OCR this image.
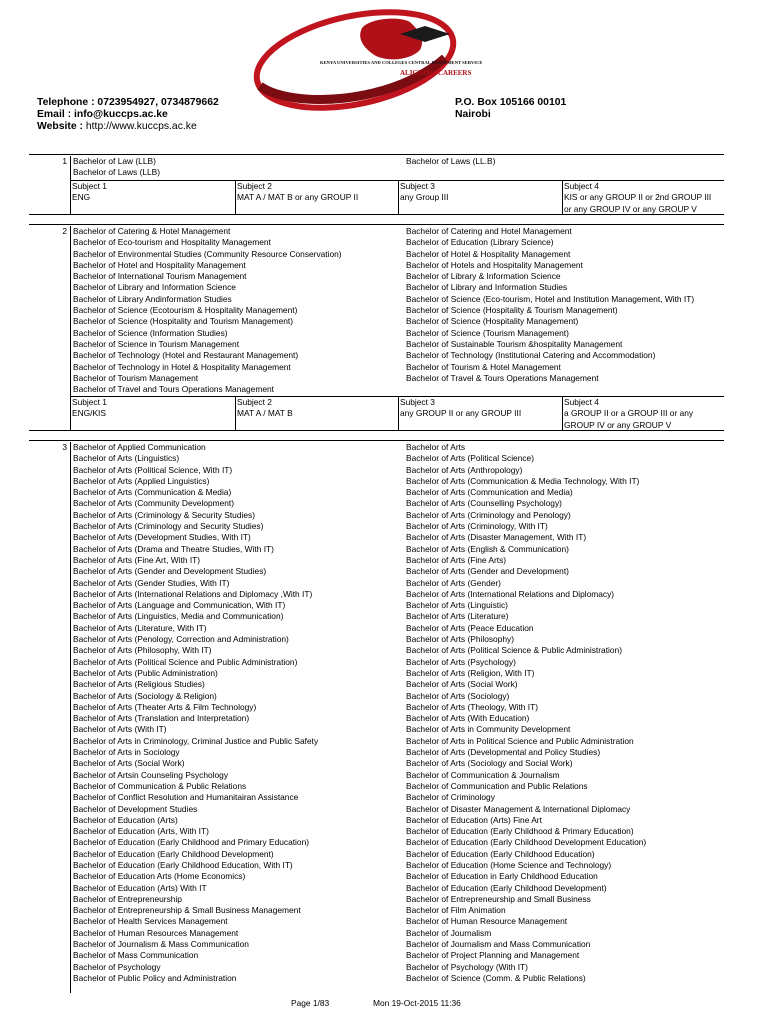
KENYA UNIVERSITIES AND COLLEGES CENTRAL PLACEMENT SERVICE
ALIGNING CAREERS
Telephone : 0723954927, 0734879662
Email : info@kuccps.ac.ke
Website : http://www.kuccps.ac.ke
P.O. Box 105166 00101
Nairobi
1 Bachelor of Law (LLB)
Bachelor of Laws (LLB)
Bachelor of Laws (LL.B)
Subject 1
ENG
Subject 2
MAT A / MAT B or any GROUP II
Subject 3
any Group III
Subject 4
KIS or any GROUP II or 2nd GROUP III
or any GROUP IV or any GROUP V
2 Bachelor of Catering & Hotel Management
Bachelor of Eco-tourism and Hospitality Management
Bachelor of Environmental Studies (Community Resource Conservation)
Bachelor of Hotel and Hospitality Management
Bachelor of International Tourism Management
Bachelor of Library and Information Science
Bachelor of Library Andinformation Studies
Bachelor of Science (Ecotourism & Hospitality Management)
Bachelor of Science (Hospitality and Tourism Management)
Bachelor of Science (Information Studies)
Bachelor of Science in Tourism Management
Bachelor of Technology (Hotel and Restaurant Management)
Bachelor of Technology in Hotel & Hospitality Management
Bachelor of Tourism Management
Bachelor of Travel and Tours Operations Management
Bachelor of Catering and Hotel Management
Bachelor of Education (Library Science)
Bachelor of Hotel & Hospitality Management
Bachelor of Hotels and Hospitality Management
Bachelor of Library & Information Science
Bachelor of Library and Information Studies
Bachelor of Science (Eco-tourism, Hotel and Institution Management, With IT)
Bachelor of Science (Hospitality & Tourism Management)
Bachelor of Science (Hospitality Management)
Bachelor of Science (Tourism Management)
Bachelor of Sustainable Tourism &hospitality Management
Bachelor of Technology (Institutional Catering and Accommodation)
Bachelor of Tourism & Hotel Management
Bachelor of Travel & Tours Operations Management
Subject 1
ENG/KIS
Subject 2
MAT A / MAT B
Subject 3
any GROUP II or any GROUP III
Subject 4
a GROUP II or a GROUP III or any
GROUP IV or any GROUP V
3 Bachelor of Applied Communication
Bachelor of Arts (Linguistics)
Bachelor of Arts (Political Science, With IT)
Bachelor of Arts (Applied Linguistics)
Bachelor of Arts (Communication & Media)
Bachelor of Arts (Community Development)
Bachelor of Arts (Criminology & Security Studies)
Bachelor of Arts (Criminology and Security Studies)
Bachelor of Arts (Development Studies, With IT)
Bachelor of Arts (Drama and Theatre Studies, With IT)
Bachelor of Arts (Fine Art, With IT)
Bachelor of Arts (Gender and Development Studies)
Bachelor of Arts (Gender Studies, With IT)
Bachelor of Arts (International Relations and Diplomacy ,With IT)
Bachelor of Arts (Language and Communication, With IT)
Bachelor of Arts (Linguistics, Media and Communication)
Bachelor of Arts (Literature, With IT)
Bachelor of Arts (Penology, Correction and Administration)
Bachelor of Arts (Philosophy, With IT)
Bachelor of Arts (Political Science and Public Administration)
Bachelor of Arts (Public Administration)
Bachelor of Arts (Religious Studies)
Bachelor of Arts (Sociology & Religion)
Bachelor of Arts (Theater Arts & Film Technology)
Bachelor of Arts (Translation and Interpretation)
Bachelor of Arts (With IT)
Bachelor of Arts in Criminology, Criminal Justice and Public Safety
Bachelor of Arts in Sociology
Bachelor of Arts (Social Work)
Bachelor of Artsin Counseling Psychology
Bachelor of Communication & Public Relations
Bachelor of Conflict Resolution and Humanitairan Assistance
Bachelor of Development Studies
Bachelor of Education (Arts)
Bachelor of Education (Arts, With IT)
Bachelor of Education (Early Childhood and Primary Education)
Bachelor of Education (Early Childhood Development)
Bachelor of Education (Early Childhood Education, With IT)
Bachelor of Education Arts (Home Economics)
Bachelor of Education (Arts) With IT
Bachelor of Entrepreneurship
Bachelor of Entrepreneurship & Small Business Management
Bachelor of Health Services Management
Bachelor of Human Resources Management
Bachelor of Journalism & Mass Communication
Bachelor of Mass Communication
Bachelor of Psychology
Bachelor of Public Policy and Administration
Bachelor of Arts
Bachelor of Arts (Political Science)
Bachelor of Arts (Anthropology)
Bachelor of Arts (Communication & Media Technology, With IT)
Bachelor of Arts (Communication and Media)
Bachelor of Arts (Counselling Psychology)
Bachelor of Arts (Criminology and Penology)
Bachelor of Arts (Criminology, With IT)
Bachelor of Arts (Disaster Management, With IT)
Bachelor of Arts (English & Communication)
Bachelor of Arts (Fine Arts)
Bachelor of Arts (Gender and Development)
Bachelor of Arts (Gender)
Bachelor of Arts (International Relations and Diplomacy)
Bachelor of Arts (Linguistic)
Bachelor of Arts (Literature)
Bachelor of Arts (Peace Education
Bachelor of Arts (Philosophy)
Bachelor of Arts (Political Science & Public Administration)
Bachelor of Arts (Psychology)
Bachelor of Arts (Religion, With IT)
Bachelor of Arts (Social Work)
Bachelor of Arts (Sociology)
Bachelor of Arts (Theology, With IT)
Bachelor of Arts (With Education)
Bachelor of Arts in Community Development
Bachelor of Arts in Political Science and Public Administration
Bachelor of Arts (Developmental and Policy Studies)
Bachelor of Arts (Sociology and Social Work)
Bachelor of Communication & Journalism
Bachelor of Communication and Public Relations
Bachelor of Criminology
Bachelor of Disaster Management & International Diplomacy
Bachelor of Education (Arts) Fine Art
Bachelor of Education (Early Childhood & Primary Education)
Bachelor of Education (Early Childhood Development Education)
Bachelor of Education (Early Childhood Education)
Bachelor of Education (Home Science and Technology)
Bachelor of Education in Early Childhood Education
Bachelor of Education (Early Childhood Development)
Bachelor of Entrepreneurship and Small Business
Bachelor of Film Animation
Bachelor of Human Resource Management
Bachelor of Journalism
Bachelor of Journalism and Mass Communication
Bachelor of Project Planning and Management
Bachelor of Psychology (With IT)
Bachelor of Science (Comm. & Public Relations)
Page 1/83	Mon 19-Oct-2015 11:36
